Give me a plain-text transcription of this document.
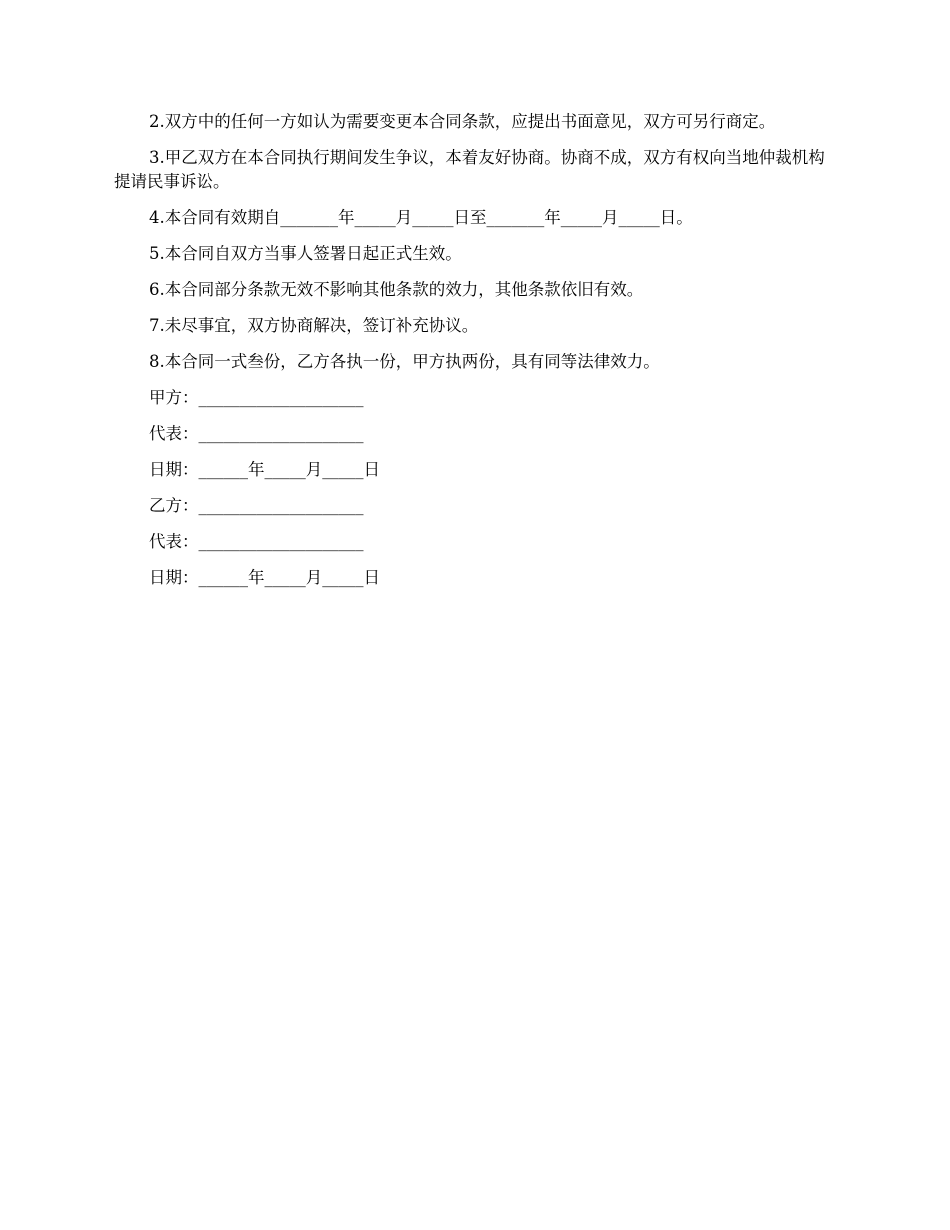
2.双方中的任何一方如认为需要变更本合同条款，应提出书面意见，双方可另行商定。

3.甲乙双方在本合同执行期间发生争议，本着友好协商。协商不成，双方有权向当地仲裁机构提请民事诉讼。

4.本合同有效期自_______年_____月_____日至_______年_____月_____日。

5.本合同自双方当事人签署日起正式生效。

6.本合同部分条款无效不影响其他条款的效力，其他条款依旧有效。

7.未尽事宜，双方协商解决，签订补充协议。

8.本合同一式叁份，乙方各执一份，甲方执两份，具有同等法律效力。

甲方：____________________
代表：____________________
日期：______年_____月_____日
乙方：____________________
代表：____________________
日期：______年_____月_____日
